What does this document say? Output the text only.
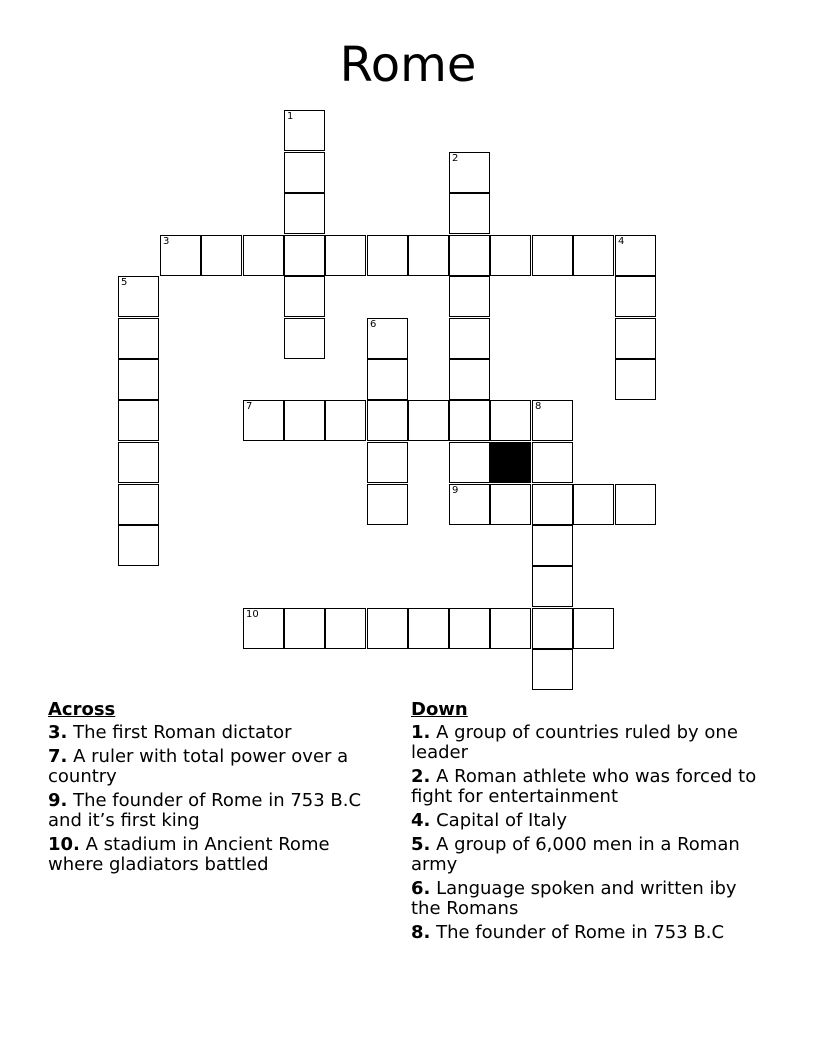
Rome
1
2
3	4
5
6
7	8
9
10
Across
3. The first Roman dictator
7. A ruler with total power over a country
9. The founder of Rome in 753 B.C and it’s first king
10. A stadium in Ancient Rome where gladiators battled
Down
1. A group of countries ruled by one leader
2. A Roman athlete who was forced to fight for entertainment
4. Capital of Italy
5. A group of 6,000 men in a Roman army
6. Language spoken and written iby the Romans
8. The founder of Rome in 753 B.C
